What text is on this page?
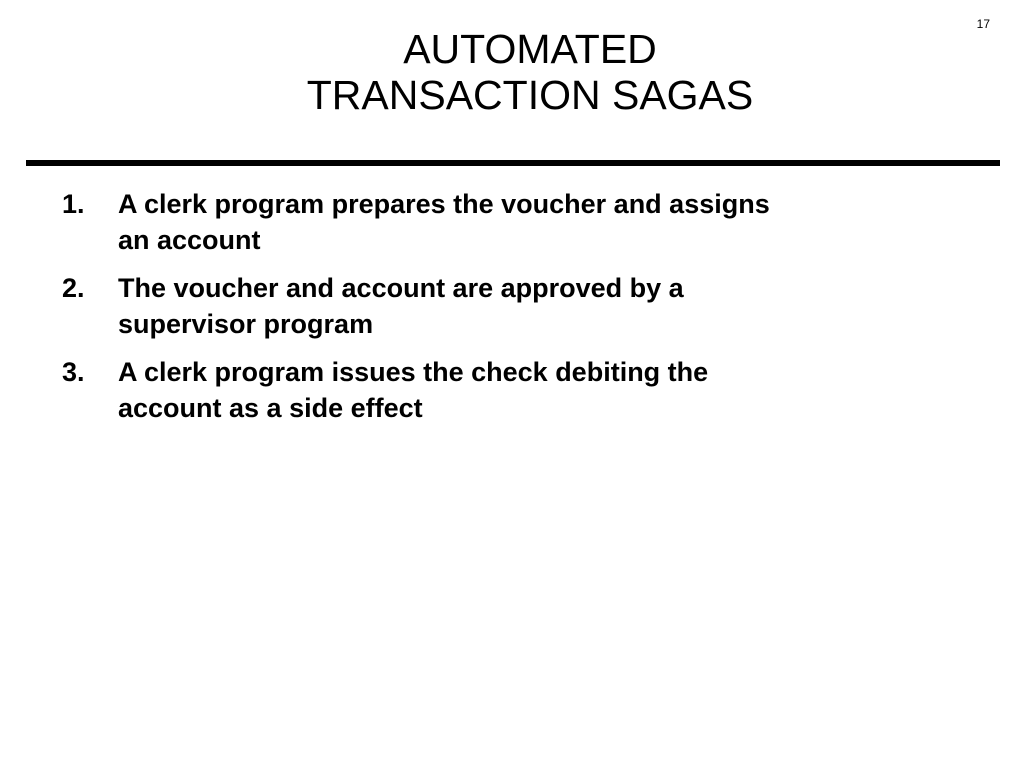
17
AUTOMATED
TRANSACTION SAGAS
1. A clerk program prepares the voucher and assigns
an account
2. The voucher and account are approved by a
supervisor program
3. A clerk program issues the check debiting the
account as a side effect
